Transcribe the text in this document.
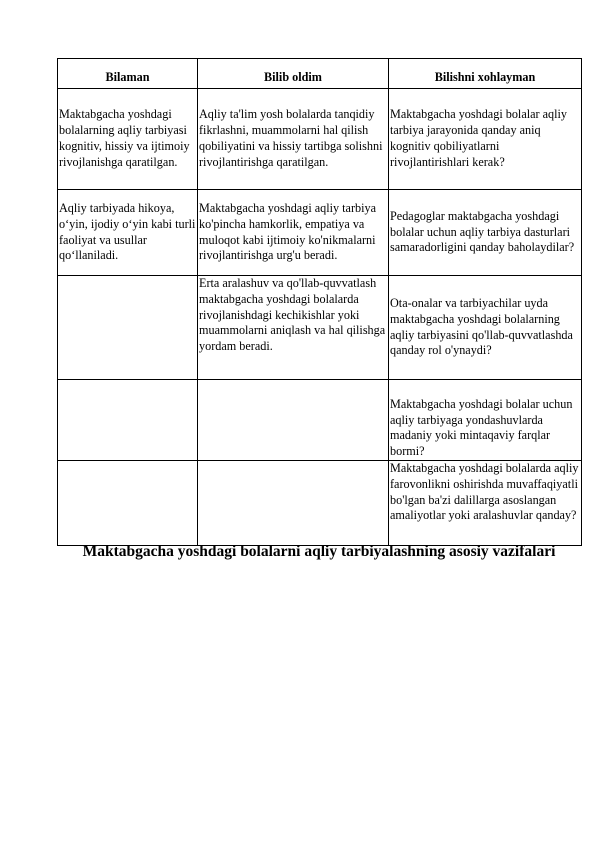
Bilaman	Bilib oldim	Bilishni xohlayman
Maktabgacha yoshdagi bolalarning aqliy tarbiyasi kognitiv, hissiy va ijtimoiy rivojlanishga qaratilgan.	Aqliy ta'lim yosh bolalarda tanqidiy fikrlashni, muammolarni hal qilish qobiliyatini va hissiy tartibga solishni rivojlantirishga qaratilgan.	Maktabgacha yoshdagi bolalar aqliy tarbiya jarayonida qanday aniq kognitiv qobiliyatlarni rivojlantirishlari kerak?
Aqliy tarbiyada hikoya, o‘yin, ijodiy o‘yin kabi turli faoliyat va usullar qo‘llaniladi.	Maktabgacha yoshdagi aqliy tarbiya ko'pincha hamkorlik, empatiya va muloqot kabi ijtimoiy ko'nikmalarni rivojlantirishga urg'u beradi.	Pedagoglar maktabgacha yoshdagi bolalar uchun aqliy tarbiya dasturlari samaradorligini qanday baholaydilar?
	Erta aralashuv va qo'llab-quvvatlash maktabgacha yoshdagi bolalarda rivojlanishdagi kechikishlar yoki muammolarni aniqlash va hal qilishga yordam beradi.	Ota-onalar va tarbiyachilar uyda maktabgacha yoshdagi bolalarning aqliy tarbiyasini qo'llab-quvvatlashda qanday rol o'ynaydi?
		Maktabgacha yoshdagi bolalar uchun aqliy tarbiyaga yondashuvlarda madaniy yoki mintaqaviy farqlar bormi?
		Maktabgacha yoshdagi bolalarda aqliy farovonlikni oshirishda muvaffaqiyatli bo'lgan ba'zi dalillarga asoslangan amaliyotlar yoki aralashuvlar qanday?
Maktabgacha yoshdagi bolalarni aqliy tarbiyalashning asosiy vazifalari
